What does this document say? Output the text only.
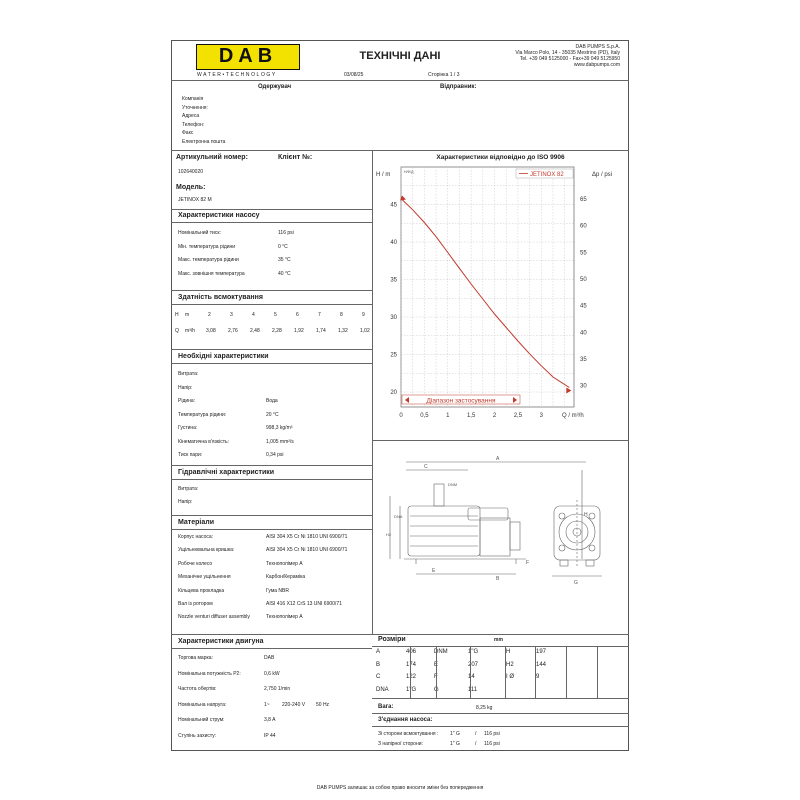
DAB
WATER•TECHNOLOGY
ТЕХНІЧНІ ДАНІ
03/08/25	Сторінка 1 / 3
DAB PUMPS S.p.A.
Via Marco Polo, 14 - 35035 Mestrino (PD), Italy
Tel. +39 049 5125000 - Fax+39 049 5125950
www.dabpumps.com
Одержувач	Відправник:
Компанія
Уточнення:
Адреса
Телефон:
Факс
Електронна пошта
Артикульний номер:	Клієнт №:
102640020
Модель:
JETINOX 82 M
Характеристики насосу
Номінальний тиск:	116 psi
Мін. температура рідини	0 °C
Макс. температура рідини	35 °C
Макс. зовнішня температура	40 °C
Здатність всмоктування
H m	2	3	4	5	6	7	8	9
Q m³/h 3,08 2,76 2,48 2,28 1,92 1,74 1,32 1,02
Необхідні характеристики
Витрата:
Напір:
Рідина:	Вода
Температура рідини:	20 °C
Густина:	998,3 kg/m³
Кінематична в'язкість:	1,005 mm²/s
Тиск пари:	0,34 psi
Гідравлічні характеристики
Витрата:
Напір:
Матеріали
Корпус насоса:	AISI 304 X5 Cr Ni 1810 UNI 6900/71
Ущільнювальна кришка:	AISI 304 X5 Cr Ni 1810 UNI 6900/71
Робоче колесо	Технополімер A
Механічне ущільнення	Карбон/Кераміка
Кільцева прокладка	Гума NBR
Вал із ротором	AISI 416 X12 CrS 13 UNI 6900/71
Nozzle venturi diffuser assembly	Технополімер A
Характеристики двигуна
Торгова марка:	DAB
Номінальна потужність P2:	0,6 kW
Частота обертів:	2,750 1/min
Номінальна напруга:	1~ 220-240 V 50 Hz
Номінальний струм:	3,8 A
Ступінь захисту:	IP 44
Характеристики відповідно до ISO 9906
0	0,5	1	1,5	2	2,5	3
20
25
30
35
40
45
30
35
40
45
50
55
60
65
H / m	Δp / psi
Q / m³/h
Н/Ф/Д	JETINOX 82
Діапазон застосування
A
C
DNM
E
B
H2
DNA	H
F
G
Розміри	mm
A	406	DNM	1"G	H	197
B	174	E	207	H2	144
C	122	F	14	I Ø	9
DNA	1"G	G	111
Вага:	8,25 kg
З'єднання насоса:
Зі сторони всмоктування : 1" G	/ 116 psi
З напірної сторони:	1" G	/ 116 psi
DAB PUMPS залишає за собою право вносити зміни без попередження
